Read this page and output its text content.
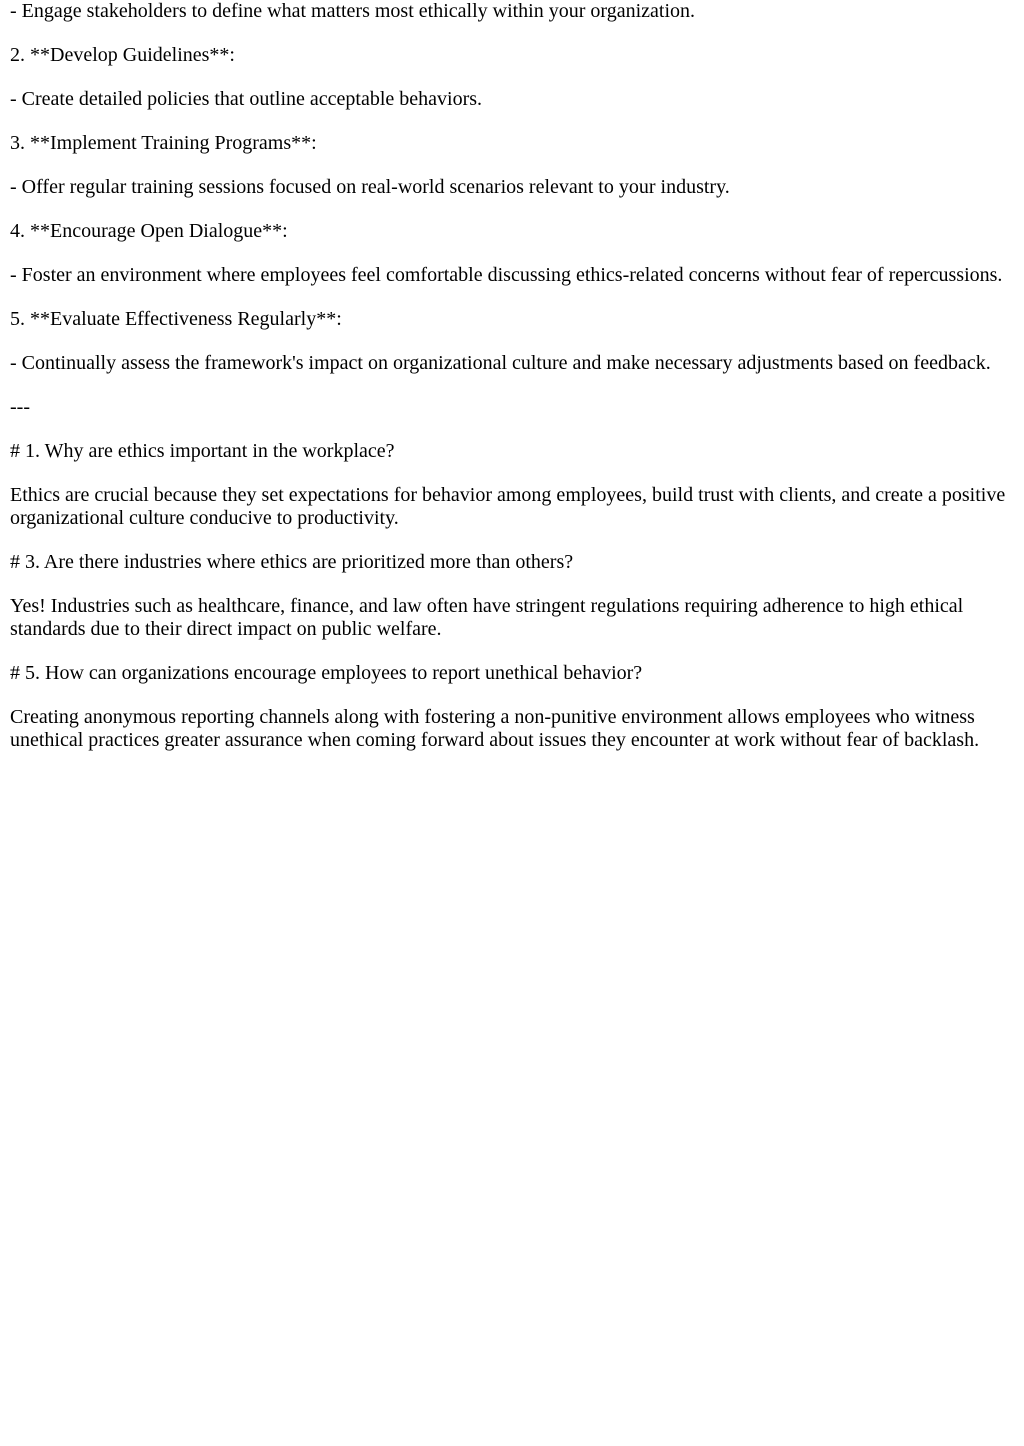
- Engage stakeholders to define what matters most ethically within your organization.

2. **Develop Guidelines**:

- Create detailed policies that outline acceptable behaviors.

3. **Implement Training Programs**:

- Offer regular training sessions focused on real-world scenarios relevant to your industry.

4. **Encourage Open Dialogue**:

- Foster an environment where employees feel comfortable discussing ethics-related concerns without fear of repercussions.

5. **Evaluate Effectiveness Regularly**:

- Continually assess the framework's impact on organizational culture and make necessary adjustments based on feedback.

---

# 1. Why are ethics important in the workplace?

Ethics are crucial because they set expectations for behavior among employees, build trust with clients, and create a positive organizational culture conducive to productivity.

# 3. Are there industries where ethics are prioritized more than others?

Yes! Industries such as healthcare, finance, and law often have stringent regulations requiring adherence to high ethical standards due to their direct impact on public welfare.

# 5. How can organizations encourage employees to report unethical behavior?

Creating anonymous reporting channels along with fostering a non-punitive environment allows employees who witness unethical practices greater assurance when coming forward about issues they encounter at work without fear of backlash.
